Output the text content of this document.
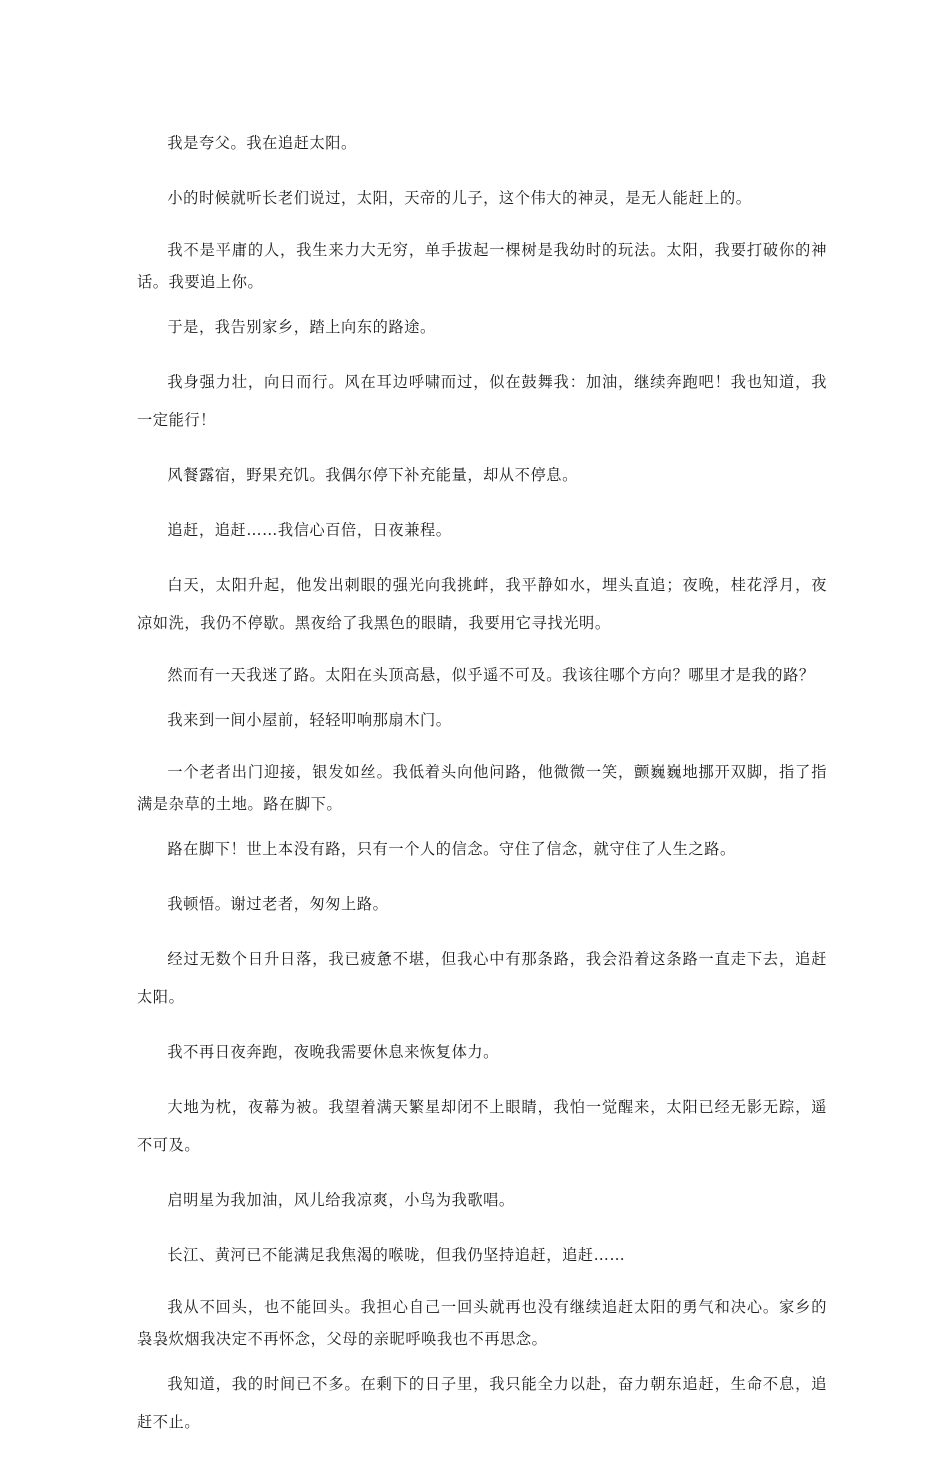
我是夸父。我在追赶太阳。

小的时候就听长老们说过，太阳，天帝的儿子，这个伟大的神灵，是无人能赶上的。

我不是平庸的人，我生来力大无穷，单手拔起一棵树是我幼时的玩法。太阳，我要打破你的神话。我要追上你。

于是，我告别家乡，踏上向东的路途。

我身强力壮，向日而行。风在耳边呼啸而过，似在鼓舞我：加油，继续奔跑吧！我也知道，我一定能行！

风餐露宿，野果充饥。我偶尔停下补充能量，却从不停息。

追赶，追赶……我信心百倍，日夜兼程。

白天，太阳升起，他发出刺眼的强光向我挑衅，我平静如水，埋头直追；夜晚，桂花浮月，夜凉如洗，我仍不停歇。黑夜给了我黑色的眼睛，我要用它寻找光明。

然而有一天我迷了路。太阳在头顶高悬，似乎遥不可及。我该往哪个方向？哪里才是我的路？

我来到一间小屋前，轻轻叩响那扇木门。

一个老者出门迎接，银发如丝。我低着头向他问路，他微微一笑，颤巍巍地挪开双脚，指了指满是杂草的土地。路在脚下。

路在脚下！世上本没有路，只有一个人的信念。守住了信念，就守住了人生之路。

我顿悟。谢过老者，匆匆上路。

经过无数个日升日落，我已疲惫不堪，但我心中有那条路，我会沿着这条路一直走下去，追赶太阳。

我不再日夜奔跑，夜晚我需要休息来恢复体力。

大地为枕，夜幕为被。我望着满天繁星却闭不上眼睛，我怕一觉醒来，太阳已经无影无踪，遥不可及。

启明星为我加油，风儿给我凉爽，小鸟为我歌唱。

长江、黄河已不能满足我焦渴的喉咙，但我仍坚持追赶，追赶……

我从不回头，也不能回头。我担心自己一回头就再也没有继续追赶太阳的勇气和决心。家乡的袅袅炊烟我决定不再怀念，父母的亲昵呼唤我也不再思念。

我知道，我的时间已不多。在剩下的日子里，我只能全力以赴，奋力朝东追赶，生命不息，追赶不止。
